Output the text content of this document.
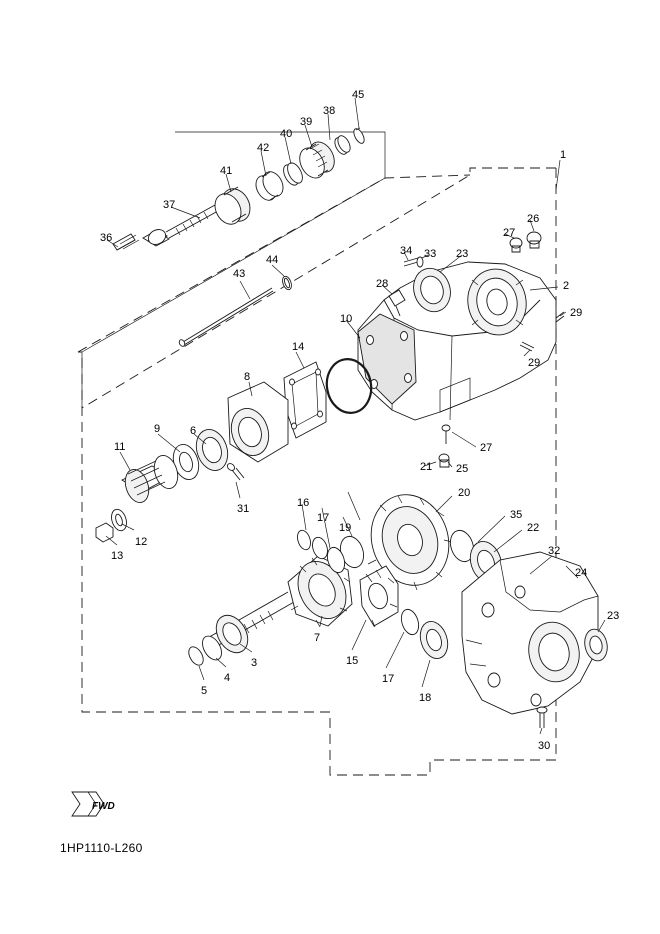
1
2
3
4
5
6
7
8
9
10
11
12
13
14
15
16
17
17
18
19
20
21
22
23
23
24
25
26
27
27
28
29
29
30
31
32
33
34
35
36
37
38
39
40
41
42
43
44
45
FWD
1HP1110-L260
